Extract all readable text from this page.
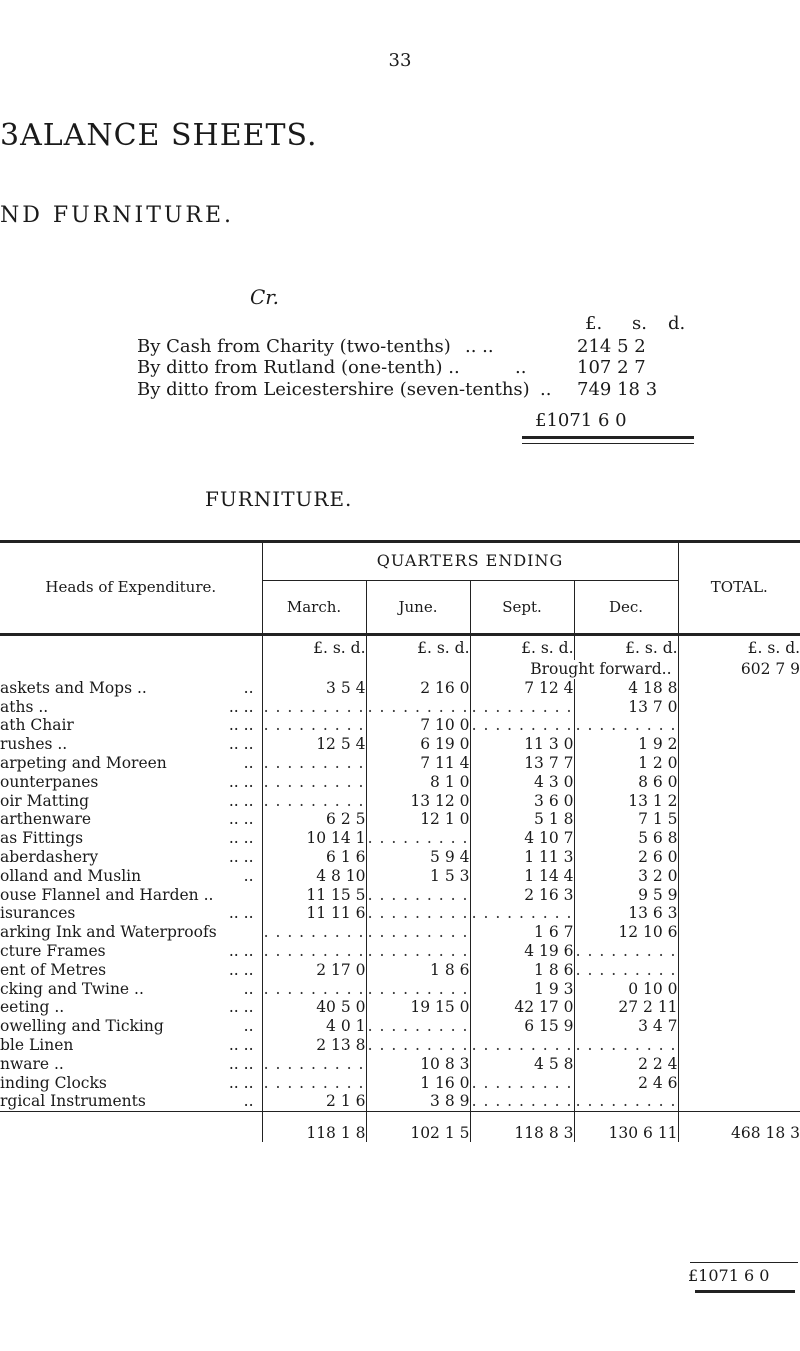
33
3ALANCE SHEETS.
ND FURNITURE.
Cr.
£. s. d.
By Cash from Charity (two-tenths) .. ..	214 5 2
By ditto from Rutland (one-tenth) ..	..	107 2 7
By ditto from Leicestershire (seven-tenths) .. 749 18 3
£1071 6 0
FURNITURE.
Heads of Expenditure.	QUARTERS ENDING				TOTAL.
	March.	June.	Sept.	Dec.	
	£. s. d.	£. s. d.	£. s. d.	£. s. d.	£. s. d.
			Brought forward..		602 7 9
askets and Mops .. ..	3 5 4	2 16 0	7 12 4	4 18 8	
aths .. .. ..	. . . . . . . . .	. . . . . . . . .	. . . . . . . . .	13 7 0	
ath Chair .. ..	. . . . . . . . .	7 10 0	. . . . . . . . .	. . . . . . . . .	
rushes .. .. ..	12 5 4	6 19 0	11 3 0	1 9 2	
arpeting and Moreen ..	. . . . . . . . .	7 11 4	13 7 7	1 2 0	
ounterpanes .. ..	. . . . . . . . .	8 1 0	4 3 0	8 6 0	
oir Matting .. ..	. . . . . . . . .	13 12 0	3 6 0	13 1 2	
arthenware .. ..	6 2 5	12 1 0	5 1 8	7 1 5	
as Fittings .. ..	10 14 1	. . . . . . . . .	4 10 7	5 6 8	
aberdashery .. ..	6 1 6	5 9 4	1 11 3	2 6 0	
olland and Muslin ..	4 8 10	1 5 3	1 14 4	3 2 0	
ouse Flannel and Harden ..	11 15 5	. . . . . . . . .	2 16 3	9 5 9	
isurances .. ..	11 11 6	. . . . . . . . .	. . . . . . . . .	13 6 3	
arking Ink and Waterproofs	. . . . . . . . .	. . . . . . . . .	1 6 7	12 10 6	
cture Frames .. ..	. . . . . . . . .	. . . . . . . . .	4 19 6	. . . . . . . . .	
ent of Metres .. ..	2 17 0	1 8 6	1 8 6	. . . . . . . . .	
cking and Twine .. ..	. . . . . . . . .	. . . . . . . . .	1 9 3	0 10 0	
eeting .. .. ..	40 5 0	19 15 0	42 17 0	27 2 11	
owelling and Ticking ..	4 0 1	. . . . . . . . .	6 15 9	3 4 7	
ble Linen .. ..	2 13 8	. . . . . . . . .	. . . . . . . . .	. . . . . . . . .	
nware .. .. ..	. . . . . . . . .	10 8 3	4 5 8	2 2 4	
inding Clocks .. ..	. . . . . . . . .	1 16 0	. . . . . . . . .	2 4 6	
rgical Instruments ..	2 1 6	3 8 9	. . . . . . . . .	. . . . . . . . .	
	118 1 8	102 1 5	118 8 3	130 6 11	468 18 3
£1071 6 0
